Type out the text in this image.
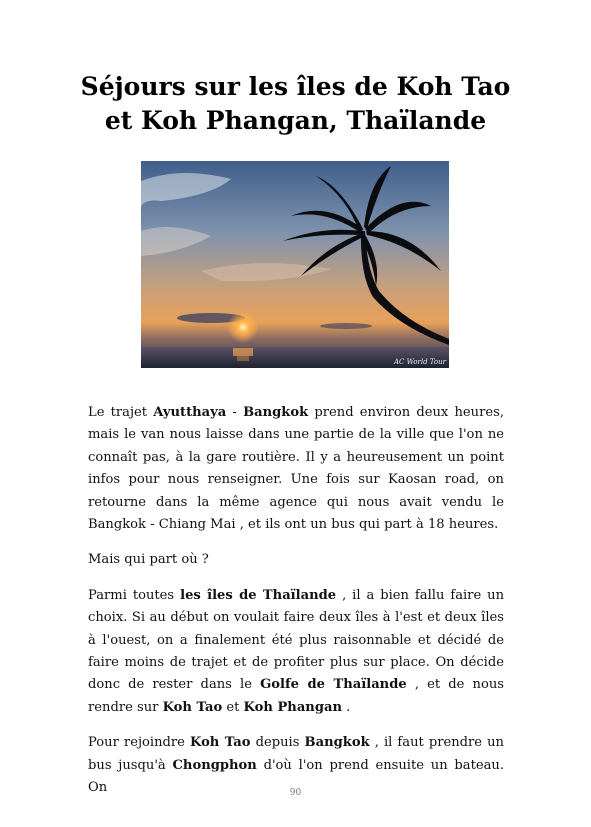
Séjours sur les îles de Koh Tao
et Koh Phangan, Thaïlande
AC World Tour

Le trajet Ayutthaya - Bangkok prend environ deux heures, mais le van nous laisse dans une partie de la ville que l'on ne connaît pas, à la gare routière. Il y a heureusement un point infos pour nous renseigner. Une fois sur Kaosan road, on retourne dans la même agence qui nous avait vendu le Bangkok - Chiang Mai , et ils ont un bus qui part à 18 heures.

Mais qui part où ?

Parmi toutes les îles de Thaïlande , il a bien fallu faire un choix. Si au début on voulait faire deux îles à l'est et deux îles à l'ouest, on a finalement été plus raisonnable et décidé de faire moins de trajet et de profiter plus sur place. On décide donc de rester dans le Golfe de Thaïlande , et de nous rendre sur Koh Tao et Koh Phangan .

Pour rejoindre Koh Tao depuis Bangkok , il faut prendre un bus jusqu'à Chongphon d'où l'on prend ensuite un bateau. On	90
